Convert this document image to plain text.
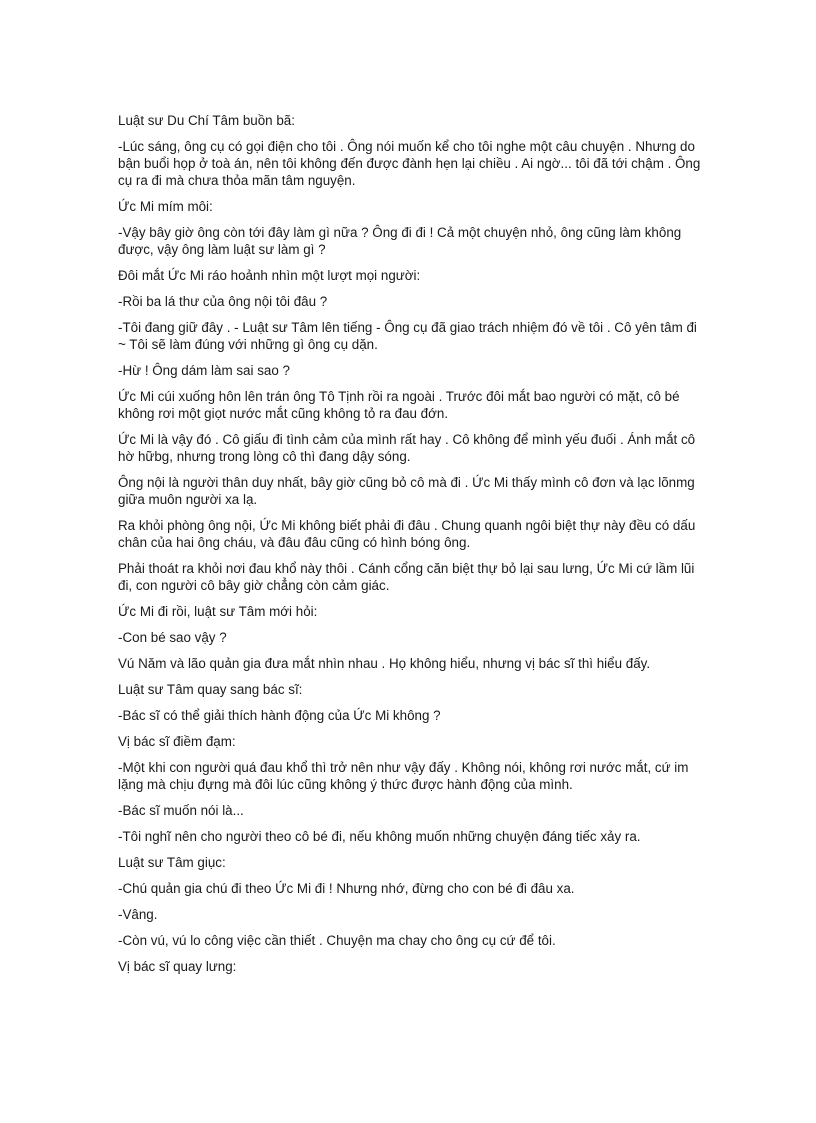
Luật sư Du Chí Tâm buồn bã:

-Lúc sáng, ông cụ có gọi điện cho tôi . Ông nói muốn kể cho tôi nghe một câu chuyện . Nhưng do bận buổi họp ở toà án, nên tôi không đến được đành hẹn lại chiều . Ai ngờ... tôi đã tới chậm . Ông cụ ra đi mà chưa thỏa mãn tâm nguyện.

Ức Mi mím môi:

-Vậy bây giờ ông còn tới đây làm gì nữa ? Ông đi đi ! Cả một chuyện nhỏ, ông cũng làm không được, vậy ông làm luật sư làm gì ?

Đôi mắt Ức Mi ráo hoảnh nhìn một lượt mọi người:

-Rồi ba lá thư của ông nội tôi đâu ?

-Tôi đang giữ đây . - Luật sư Tâm lên tiếng - Ông cụ đã giao trách nhiệm đó về tôi . Cô yên tâm đi ~ Tôi sẽ làm đúng với những gì ông cụ dặn.

-Hừ ! Ông dám làm sai sao ?

Ức Mi cúi xuống hôn lên trán ông Tô Tịnh rồi ra ngoài . Trước đôi mắt bao người có mặt, cô bé không rơi một giọt nước mắt cũng không tỏ ra đau đớn.

Ức Mi là vậy đó . Cô giấu đi tình cảm của mình rất hay . Cô không để mình yếu đuối . Ánh mắt cô hờ hữbg, nhưng trong lòng cô thì đang dậy sóng.

Ông nội là người thân duy nhất, bây giờ cũng bỏ cô mà đi . Ức Mi thấy mình cô đơn và lạc lõnmg giữa muôn người xa lạ.

Ra khỏi phòng ông nội, Ức Mi không biết phải đi đâu . Chung quanh ngôi biệt thự này đều có dấu chân của hai ông cháu, và đâu đâu cũng có hình bóng ông.

Phải thoát ra khỏi nơi đau khổ này thôi . Cánh cổng căn biệt thự bỏ lại sau lưng, Ức Mi cứ lầm lũi đi, con người cô bây giờ chẳng còn cảm giác.

Ức Mi đi rồi, luật sư Tâm mới hỏi:

-Con bé sao vậy ?

Vú Năm và lão quản gia đưa mắt nhìn nhau . Họ không hiểu, nhưng vị bác sĩ thì hiểu đấy.

Luật sư Tâm quay sang bác sĩ:

-Bác sĩ có thể giải thích hành động của Ức Mi không ?

Vị bác sĩ điềm đạm:

-Một khi con người quá đau khổ thì trở nên như vậy đấy . Không nói, không rơi nước mắt, cứ im lặng mà chịu đựng mà đôi lúc cũng không ý thức được hành động của mình.

-Bác sĩ muốn nói là...

-Tôi nghĩ nên cho người theo cô bé đi, nếu không muốn những chuyện đáng tiếc xảy ra.

Luật sư Tâm giục:

-Chú quản gia chú đi theo Ức Mi đi ! Nhưng nhớ, đừng cho con bé đi đâu xa.

-Vâng.

-Còn vú, vú lo công việc cần thiết . Chuyện ma chay cho ông cụ cứ để tôi.

Vị bác sĩ quay lưng:
